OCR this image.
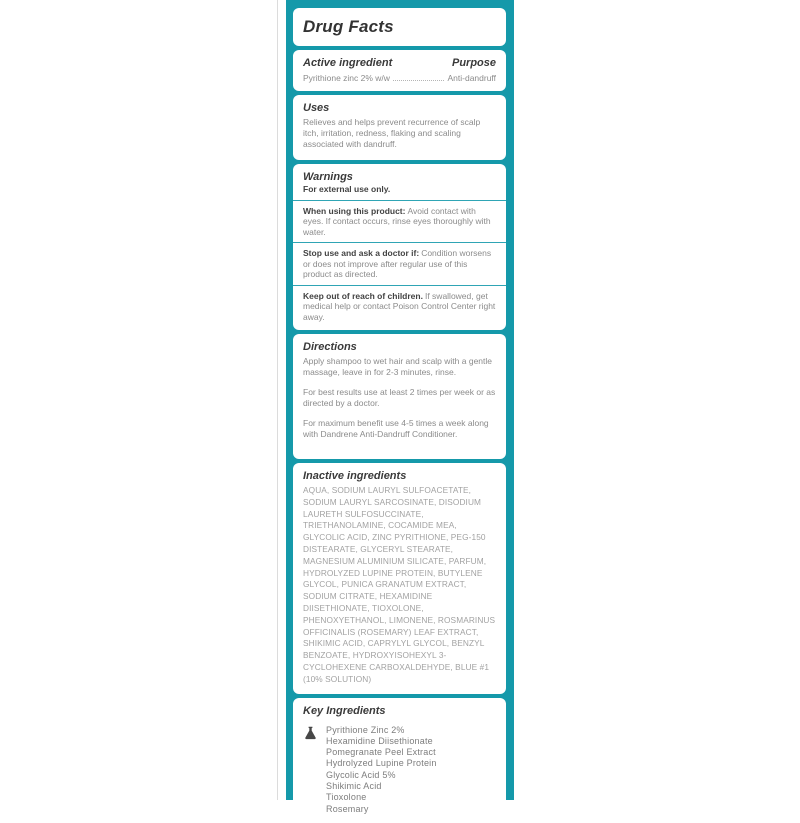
Drug Facts
Active ingredient	Purpose
Pyrithione zinc 2% w/w	Anti-dandruff
Uses

Relieves and helps prevent recurrence of scalp itch, irritation, redness, flaking and scaling associated with dandruff.

Warnings

For external use only.

When using this product: Avoid contact with eyes. If contact occurs, rinse eyes thoroughly with water.

Stop use and ask a doctor if: Condition worsens or does not improve after regular use of this product as directed.

Keep out of reach of children. If swallowed, get medical help or contact Poison Control Center right away.

Directions

Apply shampoo to wet hair and scalp with a gentle massage, leave in for 2-3 minutes, rinse.

For best results use at least 2 times per week or as directed by a doctor.

For maximum benefit use 4-5 times a week along with Dandrene Anti-Dandruff Conditioner.

Inactive ingredients

AQUA, SODIUM LAURYL SULFOACETATE, SODIUM LAURYL SARCOSINATE, DISODIUM LAURETH SULFOSUCCINATE, TRIETHANOLAMINE, COCAMIDE MEA, GLYCOLIC ACID, ZINC PYRITHIONE, PEG-150 DISTEARATE, GLYCERYL STEARATE, MAGNESIUM ALUMINIUM SILICATE, PARFUM, HYDROLYZED LUPINE PROTEIN, BUTYLENE GLYCOL, PUNICA GRANATUM EXTRACT, SODIUM CITRATE, HEXAMIDINE DIISETHIONATE, TIOXOLONE, PHENOXYETHANOL, LIMONENE, ROSMARINUS OFFICINALIS (ROSEMARY) LEAF EXTRACT, SHIKIMIC ACID, CAPRYLYL GLYCOL, BENZYL BENZOATE, HYDROXYISOHEXYL 3-CYCLOHEXENE CARBOXALDEHYDE, BLUE #1 (10% SOLUTION)

Key Ingredients
Pyrithione Zinc 2%
Hexamidine Diisethionate
Pomegranate Peel Extract
Hydrolyzed Lupine Protein
Glycolic Acid 5%
Shikimic Acid
Tioxolone
Rosemary
